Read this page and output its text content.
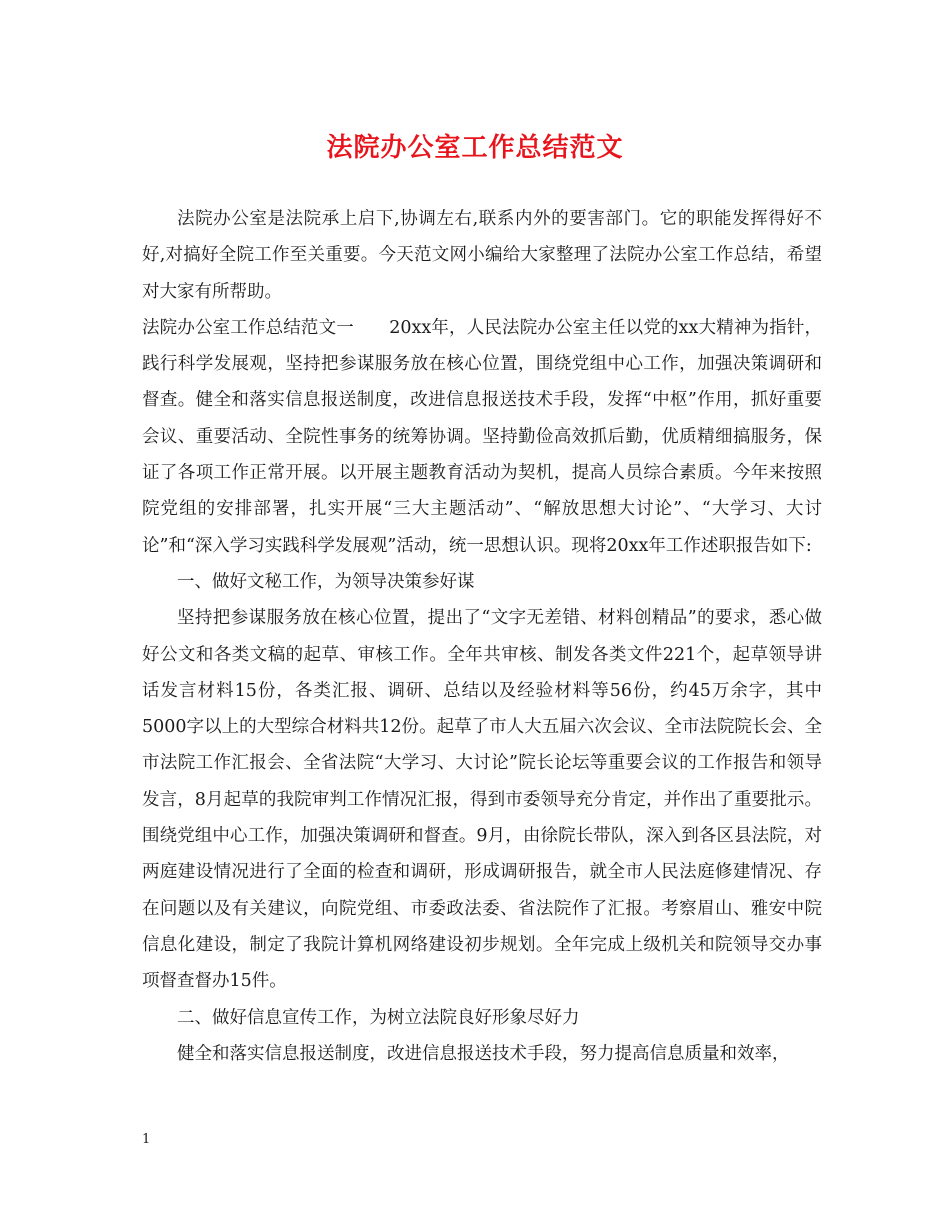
法院办公室工作总结范文

法院办公室是法院承上启下,协调左右,联系内外的要害部门。它的职能发挥得好不好,对搞好全院工作至关重要。今天范文网小编给大家整理了法院办公室工作总结，希望对大家有所帮助。

法院办公室工作总结范文一　　20xx年，人民法院办公室主任以党的xx大精神为指针，践行科学发展观，坚持把参谋服务放在核心位置，围绕党组中心工作，加强决策调研和督查。健全和落实信息报送制度，改进信息报送技术手段，发挥“中枢”作用，抓好重要会议、重要活动、全院性事务的统筹协调。坚持勤俭高效抓后勤，优质精细搞服务，保证了各项工作正常开展。以开展主题教育活动为契机，提高人员综合素质。今年来按照院党组的安排部署，扎实开展“三大主题活动”、“解放思想大讨论”、“大学习、大讨论”和“深入学习实践科学发展观”活动，统一思想认识。现将20xx年工作述职报告如下:

一、做好文秘工作，为领导决策参好谋

坚持把参谋服务放在核心位置，提出了“文字无差错、材料创精品”的要求，悉心做好公文和各类文稿的起草、审核工作。全年共审核、制发各类文件221个，起草领导讲话发言材料15份，各类汇报、调研、总结以及经验材料等56份，约45万余字，其中5000字以上的大型综合材料共12份。起草了市人大五届六次会议、全市法院院长会、全市法院工作汇报会、全省法院“大学习、大讨论”院长论坛等重要会议的工作报告和领导发言，8月起草的我院审判工作情况汇报，得到市委领导充分肯定，并作出了重要批示。围绕党组中心工作，加强决策调研和督查。9月，由徐院长带队，深入到各区县法院，对两庭建设情况进行了全面的检查和调研，形成调研报告，就全市人民法庭修建情况、存在问题以及有关建议，向院党组、市委政法委、省法院作了汇报。考察眉山、雅安中院信息化建设，制定了我院计算机网络建设初步规划。全年完成上级机关和院领导交办事项督查督办15件。

二、做好信息宣传工作，为树立法院良好形象尽好力

健全和落实信息报送制度，改进信息报送技术手段，努力提高信息质量和效率，

1
